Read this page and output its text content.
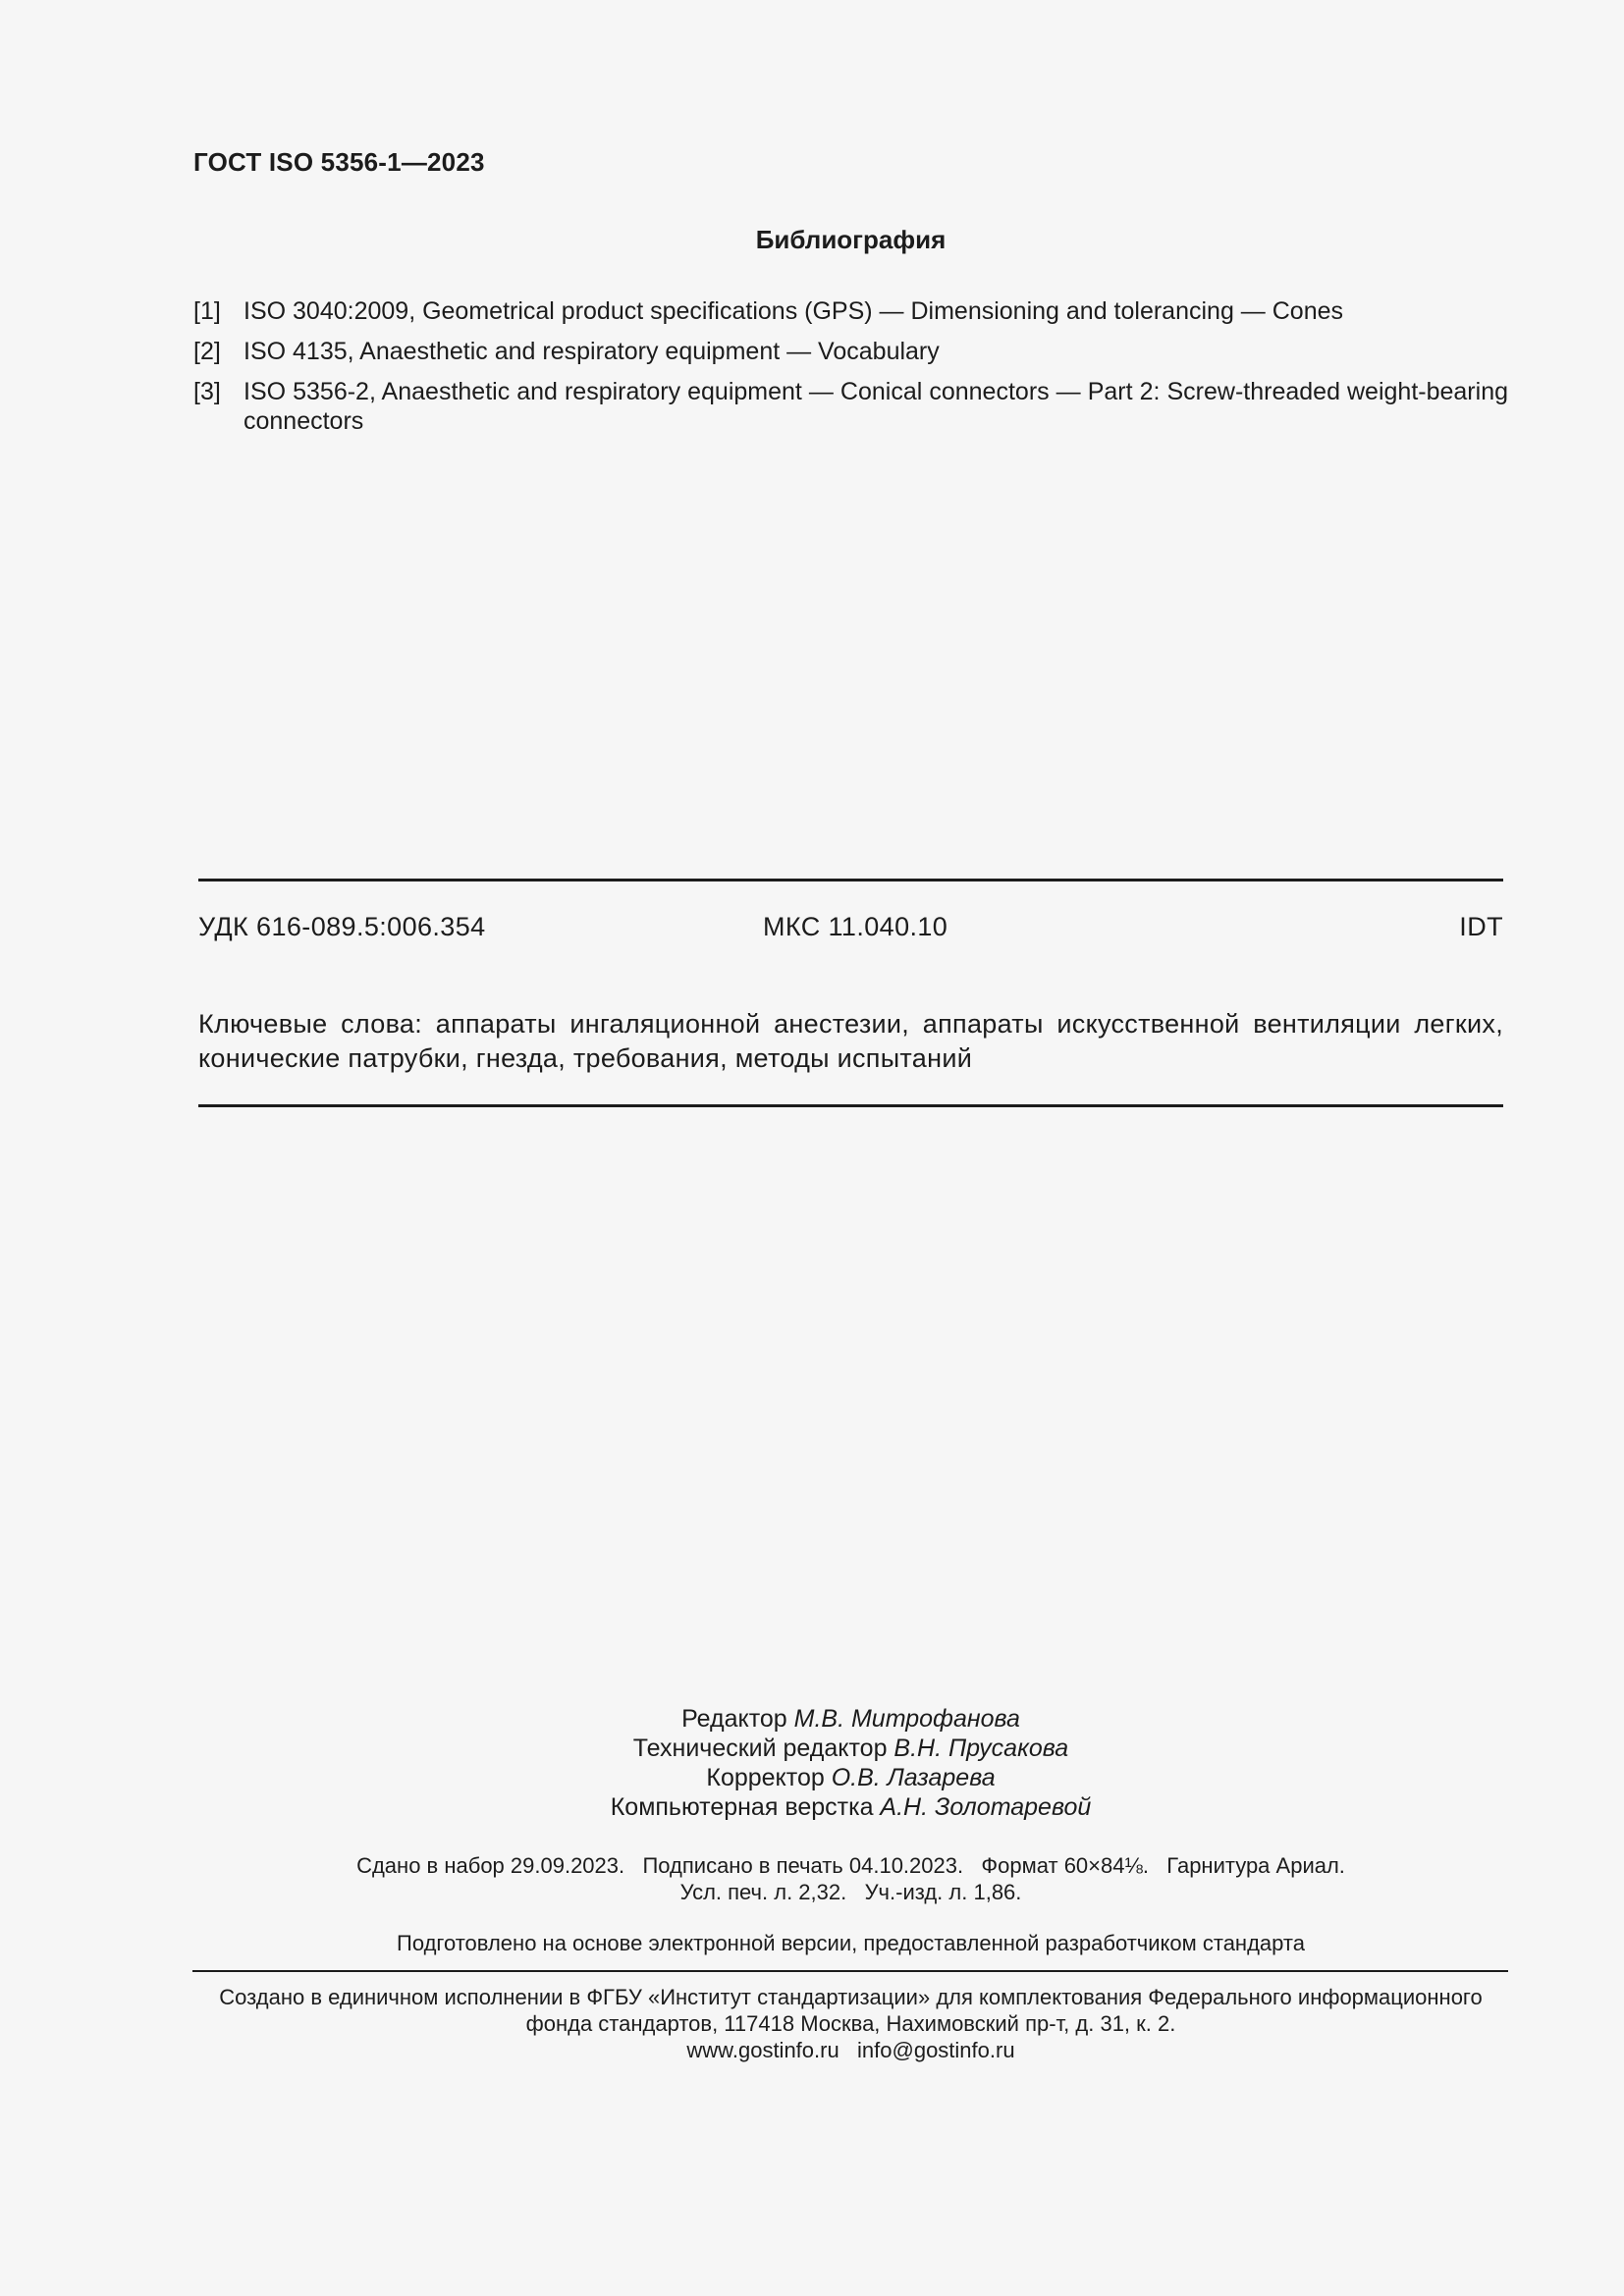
ГОСТ ISO 5356-1—2023
Библиография
[1] ISO 3040:2009, Geometrical product specifications (GPS) — Dimensioning and tolerancing — Cones
[2] ISO 4135, Anaesthetic and respiratory equipment — Vocabulary
[3] ISO 5356-2, Anaesthetic and respiratory equipment — Conical connectors — Part 2: Screw-threaded weight-bearing connectors
УДК 616-089.5:006.354	МКС 11.040.10	IDT
Ключевые слова: аппараты ингаляционной анестезии, аппараты искусственной вентиляции легких, конические патрубки, гнезда, требования, методы испытаний
Редактор М.В. Митрофанова
Технический редактор В.Н. Прусакова
Корректор О.В. Лазарева
Компьютерная верстка А.Н. Золотаревой
Сдано в набор 29.09.2023.   Подписано в печать 04.10.2023.   Формат 60×84⅛.   Гарнитура Ариал.
Усл. печ. л. 2,32.   Уч.-изд. л. 1,86.
Подготовлено на основе электронной версии, предоставленной разработчиком стандарта
Создано в единичном исполнении в ФГБУ «Институт стандартизации» для комплектования Федерального информационного
фонда стандартов, 117418 Москва, Нахимовский пр-т, д. 31, к. 2.
www.gostinfo.ru   info@gostinfo.ru
